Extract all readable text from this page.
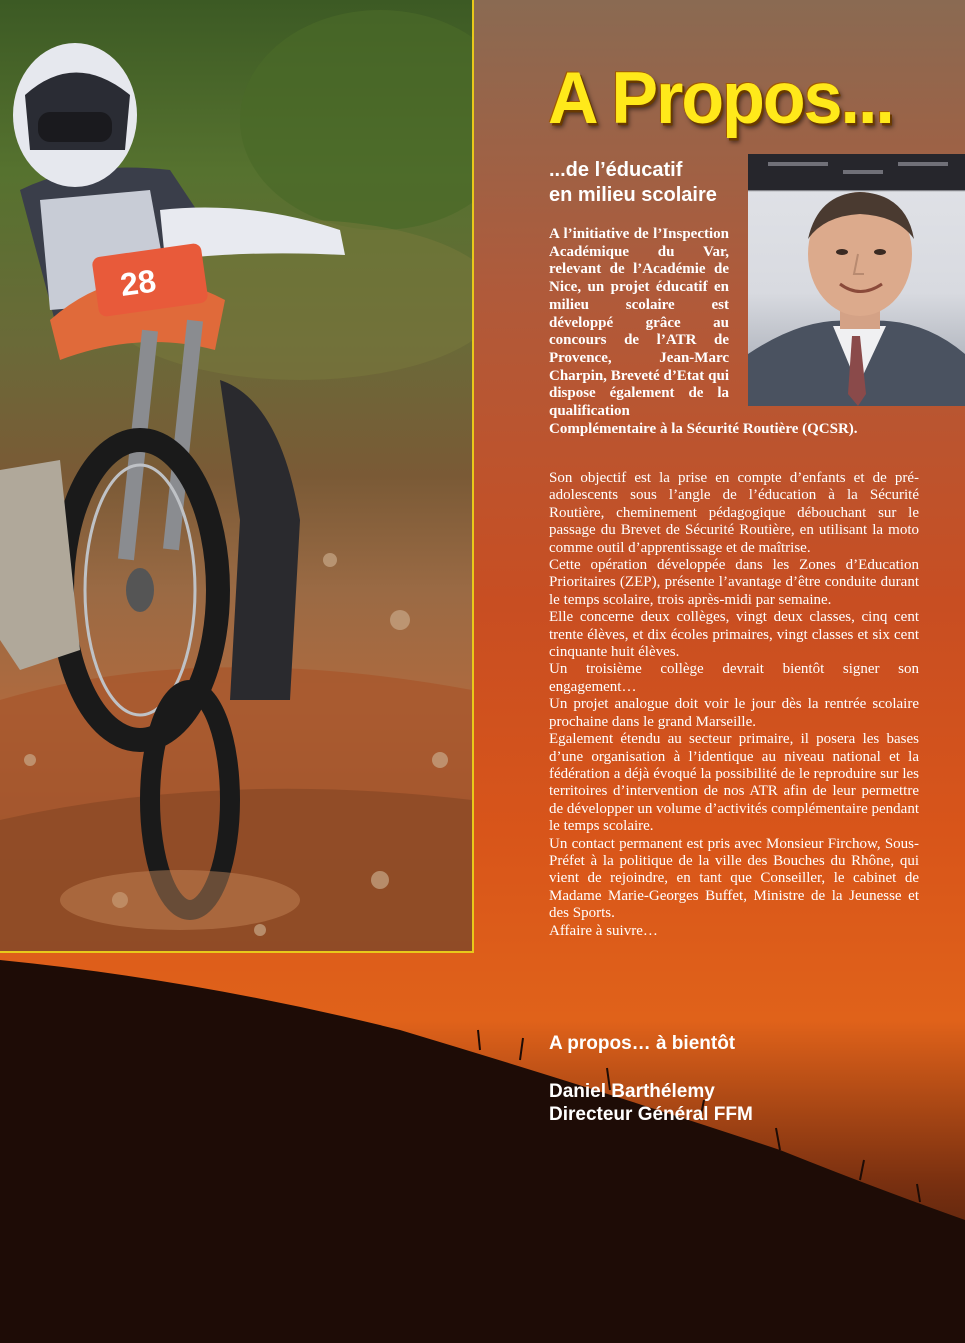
28
A Propos...
...de l’éducatif
en milieu scolaire
A l’initiative de l’Inspection Académique du Var, relevant de l’Académie de Nice, un projet éducatif en milieu scolaire est développé grâce au concours de l’ATR de Provence, Jean-Marc Charpin, Breveté d’Etat qui dispose également de la qualification Complémentaire à la Sécurité Routière (QCSR).

Son objectif est la prise en compte d’enfants et de pré-adolescents sous l’angle de l’éducation à la Sécurité Routière, cheminement pédagogique débouchant sur le passage du Brevet de Sécurité Routière, en utilisant la moto comme outil d’apprentissage et de maîtrise.

Cette opération développée dans les Zones d’Education Prioritaires (ZEP), présente l’avantage d’être conduite durant le temps scolaire, trois après-midi par semaine.

Elle concerne deux collèges, vingt deux classes, cinq cent trente élèves, et dix écoles primaires, vingt classes et six cent cinquante huit élèves.

Un troisième collège devrait bientôt signer son engagement…

Un projet analogue doit voir le jour dès la rentrée scolaire prochaine dans le grand Marseille.

Egalement étendu au secteur primaire, il posera les bases d’une organisation à l’identique au niveau national et la fédération a déjà évoqué la possibilité de le reproduire sur les territoires d’intervention de nos ATR afin de leur permettre de développer un volume d’activités complémentaire pendant le temps scolaire.

Un contact permanent est pris avec Monsieur Firchow, Sous-Préfet à la politique de la ville des Bouches du Rhône, qui vient de rejoindre, en tant que Conseiller, le cabinet de Madame Marie-Georges Buffet, Ministre de la Jeunesse et des Sports.

Affaire à suivre…

A propos… à bientôt

Daniel Barthélemy
Directeur Général FFM
